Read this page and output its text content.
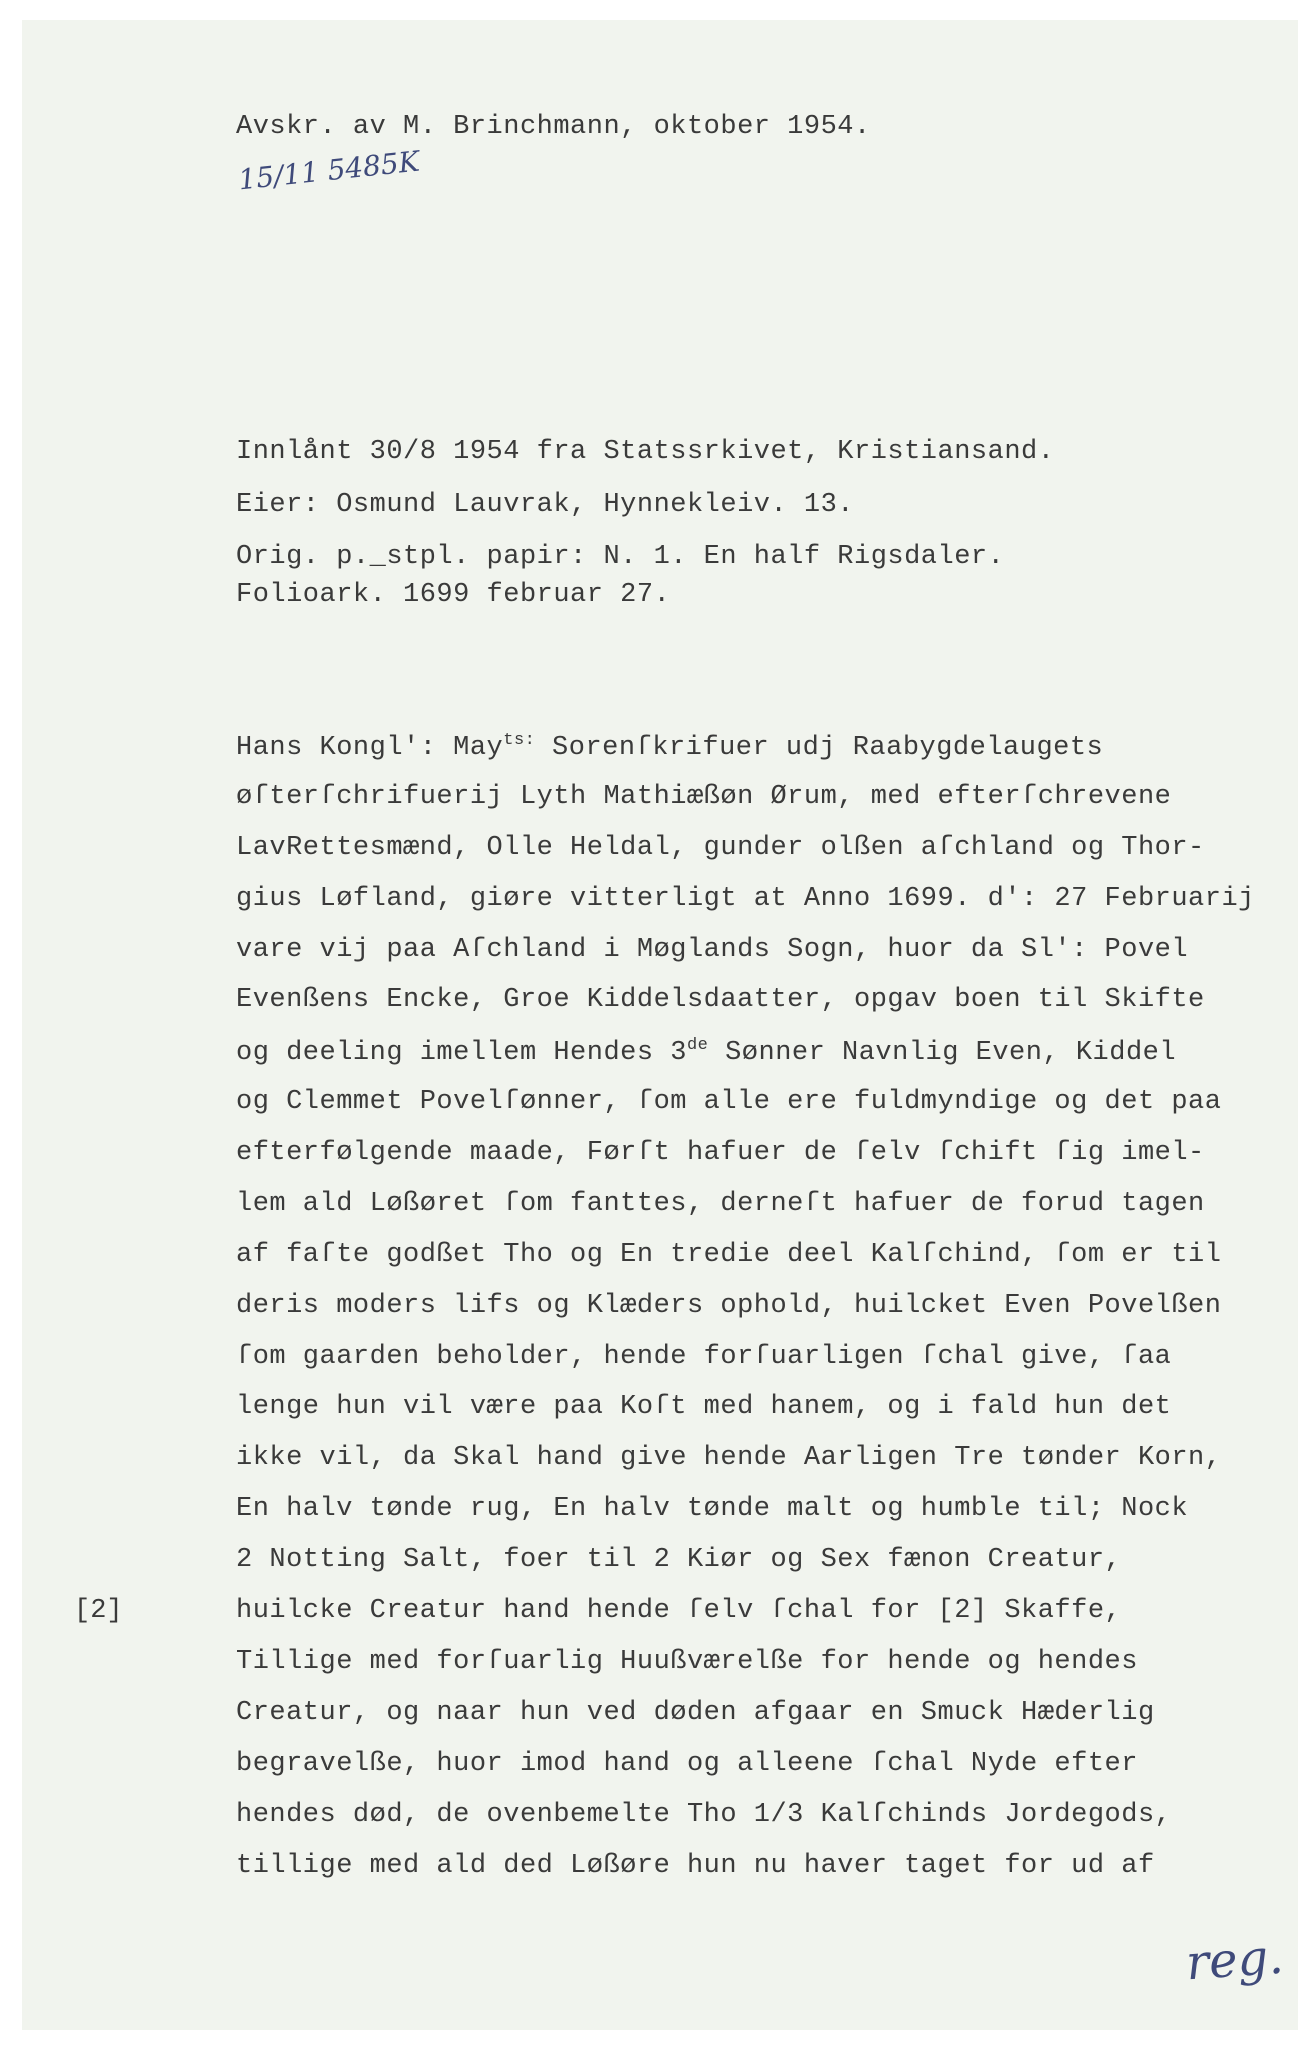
Avskr. av M. Brinchmann, oktober 1954.
15/11 5485K
Innlånt 30/8 1954 fra Statssrkivet, Kristiansand.
Eier: Osmund Lauvrak, Hynnekleiv. 13.
Orig. p._stpl. papir: N. 1. En half Rigsdaler.
Folioark. 1699 februar 27.
Hans Kongl': May$^{ts:}$ Sorenſkrifuer udj Raabygdelaugets
øſterſchrifuerij Lyth Mathiæßøn Ørum, med efterſchrevene
LavRettesmænd, Olle Heldal, gunder olßen aſchland og Thor-
gius Løfland, giøre vitterligt at Anno 1699. d': 27 Februarij
vare vij paa Aſchland i Møglands Sogn, huor da Sl': Povel
Evenßens Encke, Groe Kiddelsdaatter, opgav boen til Skifte
og deeling imellem Hendes 3de Sønner Navnlig Even, Kiddel
og Clemmet Povelſønner, ſom alle ere fuldmyndige og det paa
efterfølgende maade, Førſt hafuer de ſelv ſchift ſig imel-
lem ald Løßøret ſom fanttes, derneſt hafuer de forud tagen
af faſte godßet Tho og En tredie deel Kalſchind, ſom er til
deris moders lifs og Klæders ophold, huilcket Even Povelßen
ſom gaarden beholder, hende forſuarligen ſchal give, ſaa
lenge hun vil være paa Koſt med hanem, og i fald hun det
ikke vil, da Skal hand give hende Aarligen Tre tønder Korn,
En halv tønde rug, En halv tønde malt og humble til; Nock
2 Notting Salt, foer til 2 Kiør og Sex fænon Creatur,
huilcke Creatur hand hende ſelv ſchal for [2] Skaffe,
Tillige med forſuarlig Huußværelße for hende og hendes
Creatur, og naar hun ved døden afgaar en Smuck Hæderlig
begravelße, huor imod hand og alleene ſchal Nyde efter
hendes død, de ovenbemelte Tho 1/3 Kalſchinds Jordegods,
tillige med ald ded Løßøre hun nu haver taget for ud af
[2]
reg.
